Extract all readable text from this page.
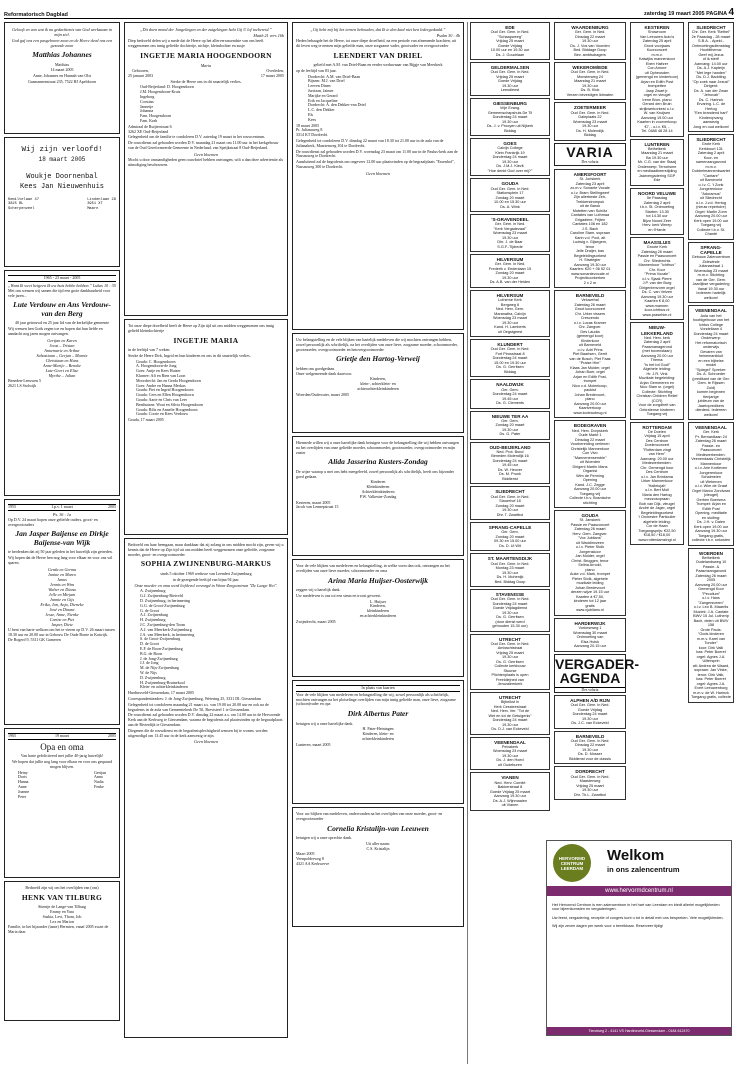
Reformatorisch Dagblad	zaterdag 19 maart 2005 PAGINA 4

Gelooft en van wat ik nu gedachtenis van God werkzaam in mijn ziel.

God gaf ons een pasgeboren zoon en de Heere deed ons een gezonde zoon

Matthias Johannes

Matthias

14 maart 2005

Anne, Johannes en Hannah van Olst

Gasmannenstraat 235, 7522 HJ Apeldoorn

Wij zijn verloofd!
18 maart 2005
Woukje Doornenbal
Kees Jan Nieuwenhuis
Kemiltelaan 47
3825 BL
Scherpenzeel
Lindenlaan 29
3951 XT
Maarn

1965 - 23 maart - 2005

„Want Ik weet hetgeen Ik uw huis hebbe hebben.” Lukas 10 : 35

Met ons wensen wij samen die tijd een grote dankbaarheid voor vele jaren...

Lute Verdouw en Ans Verdouw-van den Berg

40 jaar getrouwd en 25 jaar lid van de kerkelijke gemeente

Wij wensen hen Gods zegen toe en hopen dat hun liefde en aandacht nog jaren mogen ontvangen.

Gertjan en Karen
Joost – Tristan
Annemarie en Arthur
Sebastiaan – Gerjan – Marnix
Christiaan en Hans
Anne-Marije – Benoke
Lute-Geert en Elise
Myrthe – Julian

Beneden-Leeuwen 5
2621 LS Stolwijk

1955	1.p.v. 1 maart	2005

Ps. 36 : 1a

Op D.V. 24 maart hopen onze geliefde ouders, groot- en overgrootouders

Jan Jasper Baijense en Dirkje Baijense-van Wijk

te herdenken dat zij 50 jaar geleden in het huwelijk zijn getreden.

Wij hopen dat de Heere hen nog lang voor elkaar en voor ons wil sparen.

Gerda en Germa
Janine en Marco
Janus
Jennis en Wim
Walter en Diana
Jelle en Mirjam
Jannie en Gijs
Erika, Jan, Anja, Dieneke
José en Dinant
Jesse, Anne, Nienke
Carine en Piet
Jasper, Diete

U bent van harte welkom om het te vieren op D.V. 26 maart tussen 18.30 uur en 20.00 uur in Gebouw De Oude Bonte in Katwijk.

De Bogerd 9, 5311 GK Gameren

1965	19 maart	2005
Opa en oma

Van harte gefeliciteerd met jullie 40-jarig huwelijk!

We hopen dat jullie nog lang voor elkaar en voor ons gespaard mogen blijven.

Heiny
Doris
Hanna
Anne
Joanne
Peter
Gertjan
Anna
Nadia
Fenke

Bedroefd zijn wij om het overlijden van (ons)

HENK VAN TILBURG

Stientje de Lange-van Tilburg
Emmy en Yara
Saskia, Levi, Thom, Job
Lex en Marion

Familie, in het bijzonder (tante) Hermien, vanaf 2005 zwart de Maria daar.

„Dit doen mond der Jongelingen en der zuigelingen hebt Gij U lof toebereid.”

Matth 21 vers 16b

Diep bedroefd delen wij u mede dat de Heere op het allerverrassendste van ons heeft weggenomen ons innig geliefde dochtertje, nichtje, kleindochter en zusje

INGETJE MARIA HOOGENDOORN

Maria

Gebooren,
25 januari 2003
Overleden,
17 maart 2005

Sterke de Heere ons in dit smartelijk verlies.

Oud-Beijerland: D. Hoogendoorn
J.M. Hoogendoorn-Kruis
Ingeborg
Corstian
Jannetje
Johanna
Fam. Hoogendoorn
Fam. Krab

Admiraal de Ruijterstraat 6
3262 XE Oud-Beijerland

Gelegenheid om de familie te condoleren D.V. zaterdag 19 maart in het rouwcentrum.

De rouwdienst zal gehouden worden D.V. maandag 21 maart om 11.00 uur in het kerkgebouw van de Oud Gereformeerde Gemeente in Nederland, van Speijkstraat 8 Oud-Beijerland.

Geen bloemen

Mocht u door omstandigheden geen rouwbrief hebben ontvangen, wilt u dan deze advertentie als uitnodiging beschouwen.

Tot onze diepe droefheid heeft de Heere op Zijn tijd uit ons midden weggenomen ons innig geliefd kleindochtertje

INGETJE MARIA

in de leeftijd van 7 weken.

Sterke de Heere Dirk, Ingrid en hun kinderen en ons in dit smartelijk verlies.

Gouda: C. Hoogendoorn
A. Hoogendoorn-de Jong
Goes: Antje en Kees Huizer
Klarnee: Afi en Rien van Loon
Moordrecht: Jan en Gerda Hoogendoorn
Goes: Andre en Hanna Merkus
Gouda: Piet en Ingrid Hoogendoorn
Gouda: Cees en Ellen Hoogendoorn
Gouda: Aarte en Chris van Leer
Benthuizen: Wout en Silvia Hoogendoorn
Gouda: Bilis en Annelie Hoogendoorn
Gouda: Corrie en Kees Verdouw

Gouda, 17 maart 2005

Bedroefd om haar heengaan, maar dankbaar dat zij zolang in ons midden mocht zijn, geven wij u kennis dat de Heere op Zijn tijd uit ons midden heeft weggenomen onze geliefde, zorgzame moeder, groot- en overgrootmoeder

SOPHIA ZWIJNENBURG-MARKUS

sinds 5 oktober 1969 weduwe van Leendert Zwijnenburg

in de gezegende leeftijd van bijna 94 jaar.

Onze moeder en oma werd liefdevol verzorgd in Woon-Zorgcentrum "De Lange Wei".

A. Zwijnenburg
G.J. Zwijnenburg-Rietveld
D. Zwijnenburg, in herinnering
G.G. de Groot-Zwijnenburg
G. de Groot
A.J. Zwijnenburg
H. Zwijnenburg
J.C. Zwijnenburg-den Toom
A.J. van Meerkerk-Zwijnenburg
J.A. van Meerkerk, in herinnering
S. de Groot-Zwijnenburg
D. de Groot
E.F. de Boon-Zwijnenburg
B.G. de Boon
J. de Jong-Zwijnenburg
J.J. de Jong
M. de Nijs-Zwijnenburg
W. de Nijs
D. Zwijnenburg
H. Zwijnenburg-Bruinekool
Klein- en achterkleinkinderen

Hardinxveld-Giessendam, 17 maart 2005

Correspondentieadres: J. de Jong-Zwijnenburg, Wetering 25, 3331 DL Giessendam

Gelegenheid tot condoleren maandag 21 maart a.s. van 19.00 tot 20.00 uur en ook na de begrafenis in de aula van Gemeentekerk De Til, Brevisteel 1 te Giessendam.

De rouwdienst zal gehouden worden D.V. dinsdag 22 maart a.s. om 14.00 uur in de Hervormde Kerk aan de Kerkweg te Giessendam, waarna de begrafenis zal plaatsvinden op de begraafplaats aan de Rivierdijk te Giessendam.

Diegenen die de rouwdienst en de begrafenisplechtigheid wensen bij te wonen, worden uitgenodigd om 13.45 uur in de kerk aanwezig te zijn.

Geen bloemen

„Gij hebt mij bij het ternen behouden, dat Ik te den kaal niet ben ledergedaald.”

Psalm 30 : 4b

Heden behaagde het de Heere, tot onze diepe droefheid, na een periode van afnemende krachten, uit dit leven weg te nemen mijn geliefde man, onze zorgzame vader, grootvader en overgrootvader

LEENDERT VAN DRIEL

geliefd met A.M. van Driel-Baan en eerder weduwnaar van Bijgje van Meerkerk

op de leeftijd van 83 jaar.

Dordrecht: A.M. van Driel-Baan
Bijsem: M.J. van Driel
Leeven Dinen
Jurriaan, Jaimer
Marijke en Gerard
Erik en Jacqueline
Dordrecht: A. den Dekker-van Driel
L.C. den Dekker
Els
Kees

18 maart 2005
Pr. Julianaweg 8
3314 KT Dordrecht

Gelegenheid tot condoleren D.V. dinsdag 22 maart van 18.30 tot 21.00 uur in de aula van de Julianakerk, Maartenweg 104 te Dordrecht.

De rouwdienst zal gehouden worden D.V. woensdag 23 maart om 11.00 uur in de Paulus-kerk aan de Nassauweg te Dordrecht.

Aansluitend zal de begrafenis om ongeveer 12.00 uur plaatsvinden op de begraafplaats "Essenhof", Nassauweg 300 te Dordrecht.

Geen bloemen

Uw belangstelling en de vele blijken van hartelijk medeleven die wij mochten ontvangen hebben, zowel persoonlijk als schriftelijk, na het overlijden van onze lieve, zorgzame moeder, schoonmoeder, grootmoeder, overgrootmoeder en hetovergrootmoeder

Grietje den Hartog-Verweij

hebben ons goedgedaan.
Onze welgemeende dank daarvoor.

Kinderen,
klein-, achterklein- en
achterachterkleinkinderen

Woerden/Oudewater, maart 2005

Hiermede willen wij u onze hartelijke dank betuigen voor de belangstelling die wij hebben ontvangen na het overlijden van onze geliefde moeder, schoonmoeder, grootmoeder, overgrootmoeder en mijn zuster

Alida Jasserina Kusters-Zondag

De wijze waarop u met ons hebt meegeleefd, zowel persoonlijk als schriftelijk, heeft ons bijzonder goed gedaan.

Kinderen
Kleinkinderen
Achterkleinkinderen
P.W. Valkesier-Zondag

Kesteren, maart 2005
Jacob van Lennepstraat 15

Voor de vele blijken van medeleven en belangstelling, in welke vorm dan ook, ontvangen na het overlijden van onze lieve moeder, schoonmoeder en oma

Arina Maria Huijser-Oosterwijk

zeggen wij u hartelijk dank.

Uw medeleven is ons tot een steun en troost geweest.

L. Huijser
Kinderen,
kleinkinderen
en achterkleinkinderen

Zwijndrecht, maart 2005

In plaats van kaarten

Voor de vele blijken van medeleven en belangstelling die wij, zowel persoonlijk als schriftelijk, mochten ontvangen na het plotselinge overlijden van mijn innig geliefde man, onze lieve, zorgzame (schoon)vader en opa

Dirk Albertus Pater

betuigen wij u onze hartelijke dank.

H. Pater-Heiningen
Kinderen, klein- en
achterkleinkinderen

Lunteren, maart 2005

Voor uw blijken van medeleven, ondervonden na het overlijden van onze moeder, groot- en overgrootmoeder

Cornelia Kristalijn-van Leeuwen

betuigen wij u onze oprechte dank.

Uit aller naam:
C.S. Kristalijn

Maart 2005
Veenpolderweg 8
4321 AA Kerkwerve

EDE
Oud Ger. Gem. in Ned.
"Schaapweeg"
Vrijdag 25 maart
Goede Vrijdag
10.00 uur en 19.30 uur
Ds. J. Goudriaan
GELDERMALSEN
Oud Ger. Gem. in Ned.
Vrijdag 25 maart
Goede Vrijdag
19.30 uur
Leesdienst
GIESSENBURG
Vrije Evang.
Gemeenschapshuis De Til
Donderdag 24 maart
19.30 uur
Ds. J. v. Prooyen uit Nijkerk
Biddag
GOES
Calvijn College
Klein Frankrijk 19
Donderdag 24 maart
19.30 uur
Ds. J.M.J. Kievit
"Hoe denkt God over mij?"
GOUDA
Oud Ger. Gem. in Ned.
Stationsplein 17
Zondag 20 maart
10.00 en 15.30 uur
Ds. A. Wink
'S-GRAVENDEEL
Ger. Gem. in Ned.
"Kerk Vergadezaal"
Woensdag 23 maart
19.30 uur
Dhr. J. de Baar
S.G.F.-Tijdrede
HILVERSUM
Ger. Gem. in Ned.
Frederik v. Eedenlaan 15
Zondag 20 maart
19.30 uur
Ds. A.B. van der Heiden
HILVERSUM
Lutherse Kerk
Bergweg 6
Ned. Herv. Gem.
Maranatha, Calvijn
Woensdag 23 maart
19.30 uur
Kand. H. Lamberts
uit Oegstgeest
KLUNDERT
Oud Ger. Gem. in Ned.
Fort Pirosstraat 8
Donderdag 24 maart
15.00 en 19.30 uur
Ds. G. Gerritsen
Biddag
NAALDWIJK
Ger. Gem.
Donderdag 24 maart
19.45 uur
Ds. G. Clements
NIEUWE TER AA
Ger. Gem.
Zondag 20 maart
19.30 uur
Ds. G. Pater
OUD-BEIJERLAND
Ned. Prot. Bond
Beneden Molendijk 16
Donderdag 24 maart
19.45 uur
Ds. W. Heuver
Ds. M. Pronk
Biddienst
SLIEDRECHT
Oud Ger. Gem. in Ned.
Slauerhof 18
Zondag 20 maart
19.30 uur
Dhr. T. Zwartbol
SPRANG-CAPELLE
Ger. Gem.
Zondag 20 maart
09.30 en 15.00 uur
Ds. D. Ui Wit
ST. MAARTENSDIJK
Oud Ger. Gem. in Ned.
Montag 23 maart
19.30 uur
Ds. H. Mohenijk
Bed. Biddag Doop
STAVENISSE
Oud Ger. Gem. in Ned.
Donderdag 24 maart
Goede Vrijdagdienst
19.30 uur
Ds. G. Gerritsen
(door dienst werd
gehouden 15.30 uur)
UTRECHT
Oud Ger. Gem. in Ned.
Ambachtstraat
Vrijdag 25 maart
19.30 uur
Ds. G. Gerritsen
Collecte kerkbouw
Stuurse
Plichtenplaats is open
Freeldiejned van
Jeruzalemkerk
UTRECHT
Bijbelkst In
Herk Cessteestraat
Ned. Herv. Ver. "Tot de
Wet en tot de Getuigenis"
Donderdag 24 maart
19.30 uur
Ds. D.J. van Eckeveld
VEENENDAAL
Petrakerk
Woensdag 23 maart
19.30 uur
Ds. J. den Hoed
uit Oudeburen
VIANEN
Ned. Herv. Comité
Bakkerstraat 8
Goede Vrijdag 25 maart
Aanvang 19.30 uur
Ds. A.J. Wijnmaalen
uit Vianen
WAARDENBURG
Ger. Gem. in Ned.
Dinsdag 22 maart
19.30 uur
Ds. J. Vos van Voorden
Bed. Biddage Doop
Bev. ambtsdragers
WEKEROM/EDE
Oud Ger. Gem. in Ned.
Monsterweg 24
Maandag 21 maart
19.30 uur
Ds. B. Klok
Verzen bevestigen lidmaten
ZOETERMEER
Oud Ger. Gem. in Ned.
Daleplaats 22
Woensdag 23 maart
19.30 uur
Ds. H. Molendijk
Biddag
VARIA
Des volaria
AMERSFOORT
St. Joriskerk
Zaterdag 23 april
zo.m.v. Sonante Vocale
o.l.v. Bram Stellingwerf
Zijn allerbeste Zeh-
Trekkerstrompuk
uit de Barok
Motetten van Schütz
Cantates van Luthmaa
Grigadiere, Frijten
Cantates 106 en 182
J.S. Bach
Caroline Stam, sopraan
Karin v.d. Pool, alt
Ludwig v. Gijsegem,
tenor
Jelle Draijer, bas
Begeleidingsorkest
H. Strategier
Aanvang 19.30 uur
Kaarten: €20 + 06 52 01
www.sonantevocale.nl
Projectkoorkerken
2 x 2 m
BARNEVELD
Veluwehal
Zaterdag 26 maart
Groot koorconcert
Chr. Urker vissers
Crescendo
o.l.v. Lucas Kramer
Chr. Zangver.
Des Laudia
(gemengd koor)
Kinderkoor
uit Barneveld
o.l.v. Adri Prins
Piet Baartsen, Gerrit
van de Bosch, Piet Faas
"Praise Him"
Klaas Jan Mulder, orgel
Johan Boer, orgel
Arjan en Edith Post,
trompet
Nico v.d. Molenkoop,
paukist
Johan Bredevoort,
piano
Aanvang 20.00 uur
Kaartverkoop
www.kcdeaubrug.nl
BODEGRAVEN
Ned. Herv. Dorpskerk
Oude Markt 1
Dinsdag 22 maart
Voorbereiding verlenen
Christelijk Mannenkoor
Con Vivo
"Mannenensemble"
uit Woerden
Dirigent Martin Mans
Organist
Wim de Penning
Opening
Kand. J.C. Zegge
Aanvang 20.00 uur
Toegang vrij
Collecte t.b.v. Bosnische
stichting
GOUDA
St. Janskerk
Passie en Paasconcert
Zaterdag 26 maart
Herv. Gem. Zangver.
"Vox Jubilans"
uit Waddinxveen
o.l.v. Pieter Stolk
Jongenskoor
Jan Mulder, orgel
Christ. Bruggen, tenor
Selina Arnold,
piano
Auke v.d. Mark, trompet
Pieter Stolk, algehele
muzikale leiding
Johan Bredevoort
derzen wijze 19.15 uur
Kaarten à €7,50,
kinderen tot 12 jaar
gratis
www.vjubilans.nl
HARDERWIJK
Vorkesrweg 1
Woensdag 30 maart
Ontmoeting van
Elsa Huisk
Aanvang 20.15 uur
VERGADER-AGENDA
Des volaria
ALPHEN A/D RIJN
Oud Ger. Gem. in Ned.
Goede Vrijdag
Donderdag 24 maart
19.30 uur
Ds. J.C. van Eckeveld
BARNEVELD
Oud Ger. Gem. in Ned.
Dinsdag 22 maart
19.30 uur
Ds. D. Mosser
Biddienst voor de classis
DORDRECHT
Oud Ger. Gem. in Ned.
Maasterweg
Vrijdag 25 maart
19.30 uur
Dhr. Th.L. Zwartbol
KESTEREN
Showroom
Van Leeuwen Auto's
Zaterdag 25 april
Groot voorjaars
Koorconcert
m.m.v.
Katwijks mannenkoor
Eben Haëzer
Con Amore
uit Opheusden
(gemengd en kinderkoor)
Arjan en Edith Post
trompetten
Jaap Zwart jr.
orgel en vleugel
Irene Bron, piano
Gerard den Bruin
strijkwerkorkest o.l.v.
W. van Kruijsen
Aanvang 19.00 uur
Kaarten in voorverkoop
€7, - o.i.v. €5, -
Tel. 0488 48 28 14
LUNTEREN
Bethelkerk
Maandag 21 maart
Ba 19.30 uur
Mr. C.G. van der Staaij
Onderwerp: Terrorisme
en mediaadbeerstijding
Jaarvergadering SGP
Ede
NOORD VELUWE
5e Paasdag
Zaterdag 2 april
t.b.v. St. Ontmoeting
Starten: 13.30
tot 14.30 uur
Bijzo Noord Zeer
Herv. kerk Werep
en t'Harde
MAASSLUIS
Groote Kerk
Zaterdag 26 maart
Passie en Paasconcert
Chr. Sliedrechts
Mannenkoor "Ichthus"
Chr. Koor
"Prima Vocale"
o.l.v. Sjaak Pierre
J.P. van der Burg
Dirigentenvorm orgel
Ds. C. van Velzen
Aanvang 19.30 uur
Kaarten € 8,00
www.mannen
koor-ichtbus.nl
www.prasehim.nl
NIEUW-LEKKERLAND
Ned. Herv. kerk
Zaterdag 2 april
Paasmanagerond
(met bovenstaan)
Aanvang 20.00 uur
Thema:
"Is het tot God!"
Algehele leiding:
Hr. J.R. Vink
Muzikale begeleiding:
Arjan Gemmeren en
Nico Slam sr. (orgel)
Collecte: Stichting
Christian Children Relief
(CCR)
Voor de zorgdheit van
Oekraïense kinderen
Toegang vrij
ROTTERDAM
De Doelen
Vrijdag 15 april
Des Centrum
Doelenconcert
"Rotterdam zingt
van Hem"
Aanvang: 20.00 uur
Medewerkenden:
Chr. Gemengd koor
Des Centrum
o.l.v. Jan Brinksma
Urker Mannenkoor
'Hallelujah'
o.l.v. Bert Moll
Maria den Hartog
mezzosopraan
Bob van Dijk, vleugel
André de Jager, orgel
Begeleidingsorkest
'l Orchestre Particulier
algehele leiding:
Cor de Haan
Toegangsprijs: €22,50
€18,50 / €18,00
www.rotterdamzingt.nl
SLIEDRECHT
Chr. Ger. Kerk "Bethel"
2e Paasdag - 28 maart
S.B.A. - Apeld.-
Ontmoetingsdienstdag
Hoofdthema:
Geef mij Jezus
of ik sterf!
Aanvang: 14.00 uur
Ds. A.J. Kapteijn
"Met lege handen"
Ds. D.J. Baddiing
"Op zoek naar Jezus!"
Dirigent:
Ds. A. van der Zwan
"Jehovah"
Ds. C. Harinck
Ervaring. L.C. de Hertog
"Een brandend hart"
Kinderopvang aanwezig
Jong en oud welkom!
SLIEDRECHT
Grote Kerk
Kerkbuurt 131
Zaterdag 2 april
Koor- en
samenzangavond
m.m.v.
Dubbelmannenkwartet
"Cantare"
uit Barneveld
o.l.v. C. 't Zonk
Jongerenkoor
"Adoramus"
uit Sliedrecht
o.l.v. J.v.d. Hertog
(nieuw repertoire)
Orgel: Martin Zonn
Aanvang 20.00 uur
Kerk open 19.00 uur
Toegang vrij
Collecte t.b.v. St. Chantè
SPRANG-CAPELLE
Gebouw Zalencentrum
Zidewinde
Julianastraat 1
Woensdag 23 maart
m.m.v. Stichting
van de Ger. Gem.
Jaarlijkse vergadering
Vanaf 19.30 uur
Iedereen hartelijk
welkom!
VEENENDAAL
Aula van het
hoofdgebouw van het
Ichtus College
Vondellaan 4
Donderdag 24 maart
Onderwerp:
Het reformatorisch
onderwijs
Gevaren van heinemanikluit
en een bijbelse
model
"Spiegel" Spreker:
Ds. A. Schroeder
(predikant van de Ger.
Gem. te Rijssen
Zuid)
komen beginnen tienjarige
jubileum van de
Jaartopredikers
dierderd. Iedereen
welkom!
VEENENDAAL
Ger. Kerk
Pr. Bernardlaan 24
Zaterdag 26 maart
Passie- en Paasconcert
Medewerkenden:
Veenendaals Christelijk
Mannenkoor
o.l.v. Arie Kortleven
Jongerenkoor
Schalmeien
uit Wekerom
o.l.v. Wim de Graaf
Orgel Marco Zondvaar
(vleugel)
Gerben Boersma
Trompet: Arjan en
Edith Post
Opening, meditatie
en sluiting:
Ds. J.H. v. Dalen
Kerk open 19.00 uur
Aanvang 19.30 uur
Toegang gratis,
collecte t.b.v. onkosten
WOERDEN
Bethelkerk
Oudelandsweg 10
Passie- &
Paasmzangavond
Zaterdag 26 maart 2005
Aanvang 20.00 uur
Gemengd Koor
"Peculium"
o.l.v. Hans
"Zangersveem"
o.l.v. Leo B. Maarrits
Muziek: J.A. Cantate
BWV 15 Jul. Lutherip
Bach, delen uit BWV 158
Grote Pauls:
"Gods kinderen
m.m.v. Karel van
Tonder"
koor: Dirk Valk
bas: Peter Boeret
orgel: Agnes J.A.
Uiltersprin
alt: Andrea de Waard,
sopraan: Jan Vinke,
tenor: Dirk Valk,
bas: Peter Boeret
orgel: Agnes J.A.
Evert Leeuwenburg
m.m.v. de W. Harinck
Toegang gratis, collecte
HERVORMD CENTRUM LEERDAM
Welkom
in ons zalencentrum
www.hervormdcentrum.nl

Het Hervormd Centrum is een zalencentrum in het hart van Leerdam en biedt allerlei mogelijkheden voor bijeenkomsten en vergaderingen.

Uw feest, vergadering, receptie of congres kunt u tot in detail met ons bespreken. Vele mogelijkheden.

Wij zijn zeven dagen per week voor u bereikbaar. Reserveer tijdig!

Tiendweg 2 - 4141 VS Hardinxveld-Giessendam - 0184 612470
